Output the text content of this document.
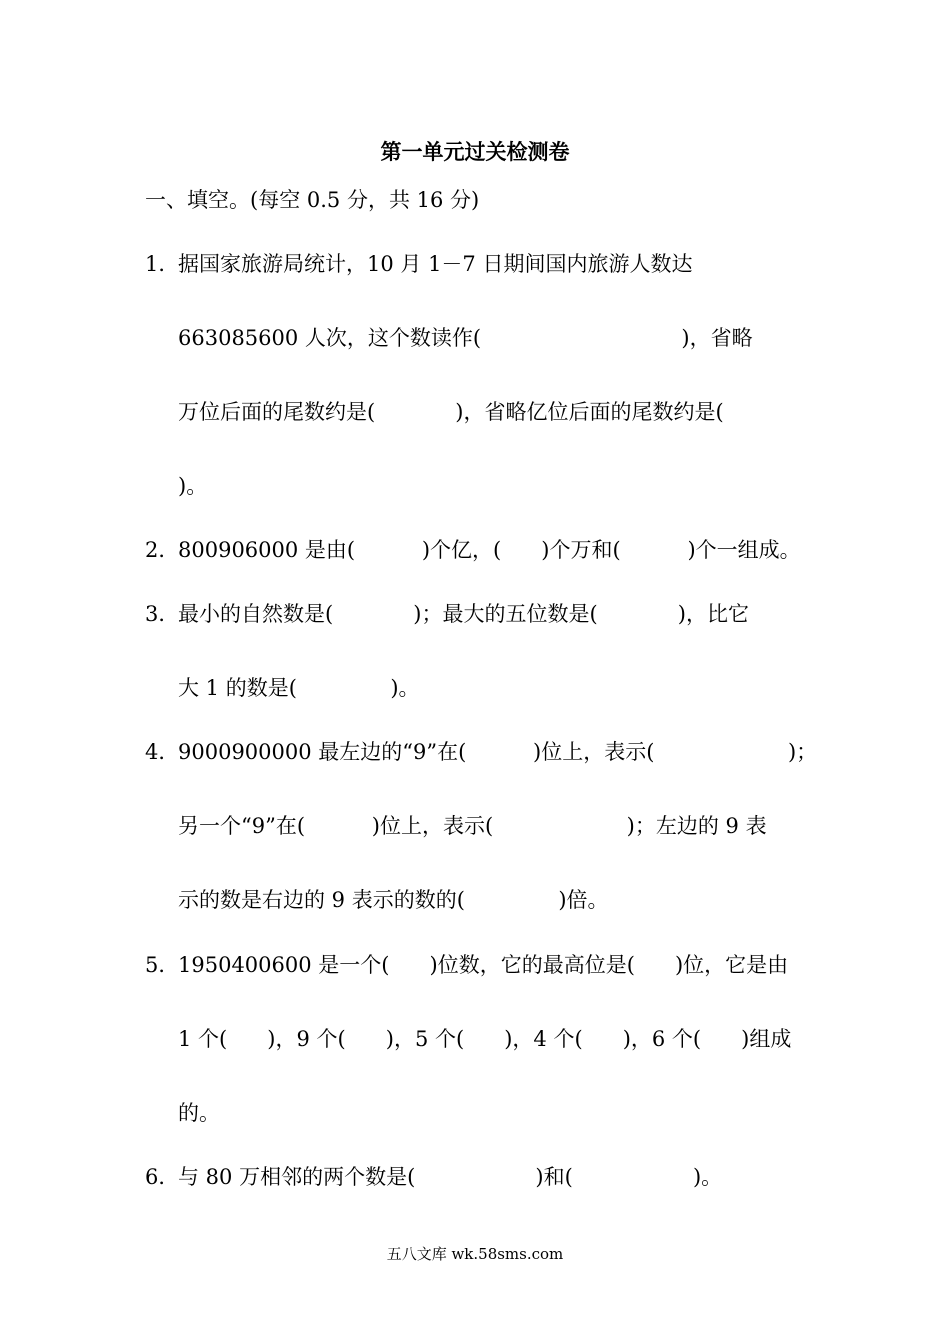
第一单元过关检测卷
一、填空。(每空 0.5 分，共 16 分)
1．
据国家旅游局统计，10 月 1－7 日期间国内旅游人数达
663085600 人次，这个数读作(                              )，省略
万位后面的尾数约是(            )，省略亿位后面的尾数约是(
)。
2．
800906000 是由(          )个亿，(      )个万和(          )个一组成。
3．
最小的自然数是(            )；最大的五位数是(            )，比它
大 1 的数是(              )。
4．
9000900000 最左边的“9”在(          )位上，表示(                    )；
另一个“9”在(          )位上，表示(                    )；左边的 9 表
示的数是右边的 9 表示的数的(              )倍。
5．
1950400600 是一个(      )位数，它的最高位是(      )位，它是由
1 个(      )，9 个(      )，5 个(      )，4 个(      )，6 个(      )组成
的。
6．
与 80 万相邻的两个数是(                  )和(                  )。
五八文库 wk.58sms.com
